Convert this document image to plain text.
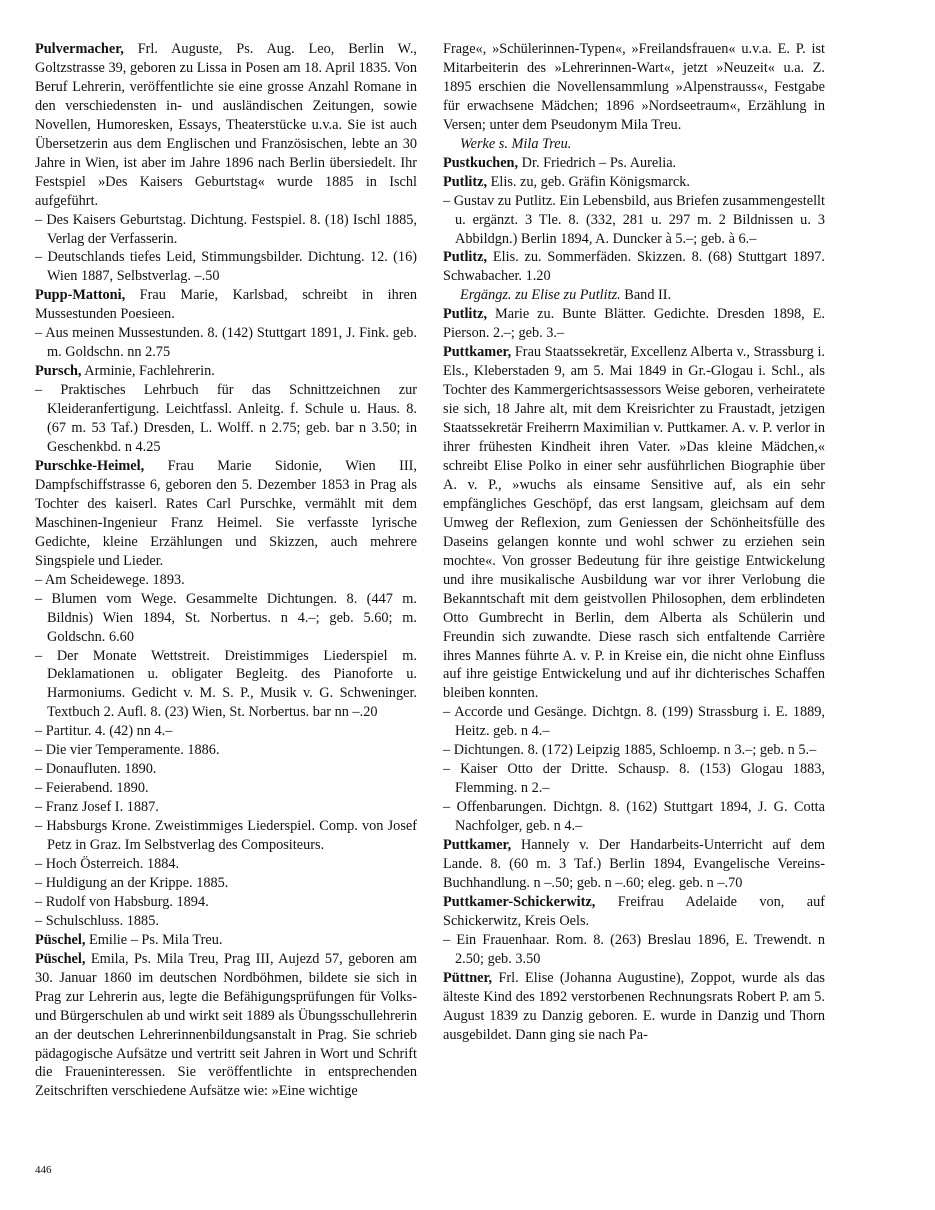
Pulvermacher, Frl. Auguste, Ps. Aug. Leo, Berlin W., Goltzstrasse 39, geboren zu Lissa in Posen am 18. April 1835. Von Beruf Lehrerin, veröffentlichte sie eine grosse Anzahl Romane in den verschiedensten in- und ausländischen Zeitungen, sowie Novellen, Humoresken, Essays, Theaterstücke u.v.a. Sie ist auch Übersetzerin aus dem Englischen und Französischen, lebte an 30 Jahre in Wien, ist aber im Jahre 1896 nach Berlin übersiedelt. Ihr Festspiel »Des Kaisers Geburtstag« wurde 1885 in Ischl aufgeführt.

– Des Kaisers Geburtstag. Dichtung. Festspiel. 8. (18) Ischl 1885, Verlag der Verfasserin.

– Deutschlands tiefes Leid, Stimmungsbilder. Dichtung. 12. (16) Wien 1887, Selbstverlag. –.50

Pupp-Mattoni, Frau Marie, Karlsbad, schreibt in ihren Mussestunden Poesieen.

– Aus meinen Mussestunden. 8. (142) Stuttgart 1891, J. Fink. geb. m. Goldschn. nn 2.75

Pursch, Arminie, Fachlehrerin.

– Praktisches Lehrbuch für das Schnittzeichnen zur Kleideranfertigung. Leichtfassl. Anleitg. f. Schule u. Haus. 8. (67 m. 53 Taf.) Dresden, L. Wolff. n 2.75; geb. bar n 3.50; in Geschenkbd. n 4.25

Purschke-Heimel, Frau Marie Sidonie, Wien III, Dampfschiffstrasse 6, geboren den 5. Dezember 1853 in Prag als Tochter des kaiserl. Rates Carl Purschke, vermählt mit dem Maschinen-Ingenieur Franz Heimel. Sie verfasste lyrische Gedichte, kleine Erzählungen und Skizzen, auch mehrere Singspiele und Lieder.

– Am Scheidewege. 1893.

– Blumen vom Wege. Gesammelte Dichtungen. 8. (447 m. Bildnis) Wien 1894, St. Norbertus. n 4.–; geb. 5.60; m. Goldschn. 6.60

– Der Monate Wettstreit. Dreistimmiges Liederspiel m. Deklamationen u. obligater Begleitg. des Pianoforte u. Harmoniums. Gedicht v. M. S. P., Musik v. G. Schweninger. Textbuch 2. Aufl. 8. (23) Wien, St. Norbertus. bar nn –.20

– Partitur. 4. (42) nn 4.–

– Die vier Temperamente. 1886.

– Donaufluten. 1890.

– Feierabend. 1890.

– Franz Josef I. 1887.

– Habsburgs Krone. Zweistimmiges Liederspiel. Comp. von Josef Petz in Graz. Im Selbstverlag des Compositeurs.

– Hoch Österreich. 1884.

– Huldigung an der Krippe. 1885.

– Rudolf von Habsburg. 1894.

– Schulschluss. 1885.

Püschel, Emilie – Ps. Mila Treu.

Püschel, Emila, Ps. Mila Treu, Prag III, Aujezd 57, geboren am 30. Januar 1860 im deutschen Nordböhmen, bildete sie sich in Prag zur Lehrerin aus, legte die Befähigungsprüfungen für Volks- und Bürgerschulen ab und wirkt seit 1889 als Übungsschullehrerin an der deutschen Lehrerinnenbildungsanstalt in Prag. Sie schrieb pädagogische Aufsätze und vertritt seit Jahren in Wort und Schrift die Fraueninteressen. Sie veröffentlichte in entsprechenden Zeitschriften verschiedene Aufsätze wie: »Eine wichtige

Frage«, »Schülerinnen-Typen«, »Freilandsfrauen« u.v.a. E. P. ist Mitarbeiterin des »Lehrerinnen-Wart«, jetzt »Neuzeit« u.a. Z. 1895 erschien die Novellensammlung »Alpenstrauss«, Festgabe für erwachsene Mädchen; 1896 »Nordseetraum«, Erzählung in Versen; unter dem Pseudonym Mila Treu.

Werke s. Mila Treu.

Pustkuchen, Dr. Friedrich – Ps. Aurelia.

Putlitz, Elis. zu, geb. Gräfin Königsmarck.

– Gustav zu Putlitz. Ein Lebensbild, aus Briefen zusammengestellt u. ergänzt. 3 Tle. 8. (332, 281 u. 297 m. 2 Bildnissen u. 3 Abbildgn.) Berlin 1894, A. Duncker à 5.–; geb. à 6.–

Putlitz, Elis. zu. Sommerfäden. Skizzen. 8. (68) Stuttgart 1897. Schwabacher. 1.20

Ergängz. zu Elise zu Putlitz. Band II.

Putlitz, Marie zu. Bunte Blätter. Gedichte. Dresden 1898, E. Pierson. 2.–; geb. 3.–

Puttkamer, Frau Staatssekretär, Excellenz Alberta v., Strassburg i. Els., Kleberstaden 9, am 5. Mai 1849 in Gr.-Glogau i. Schl., als Tochter des Kammergerichtsassessors Weise geboren, verheiratete sie sich, 18 Jahre alt, mit dem Kreisrichter zu Fraustadt, jetzigen Staatssekretär Freiherrn Maximilian v. Puttkamer. A. v. P. verlor in ihrer frühesten Kindheit ihren Vater. »Das kleine Mädchen,« schreibt Elise Polko in einer sehr ausführlichen Biographie über A. v. P., »wuchs als einsame Sensitive auf, als ein sehr empfängliches Geschöpf, das erst langsam, gleichsam auf dem Umweg der Reflexion, zum Geniessen der Schönheitsfülle des Daseins gelangen konnte und wohl schwer zu erziehen sein mochte«. Von grosser Bedeutung für ihre geistige Entwickelung und ihre musikalische Ausbildung war vor ihrer Verlobung die Bekanntschaft mit dem geistvollen Philosophen, dem erblindeten Otto Gumbrecht in Berlin, dem Alberta als Schülerin und Freundin sich zuwandte. Diese rasch sich entfaltende Carrière ihres Mannes führte A. v. P. in Kreise ein, die nicht ohne Einfluss auf ihre geistige Entwickelung und auf ihr dichterisches Schaffen bleiben konnten.

– Accorde und Gesänge. Dichtgn. 8. (199) Strassburg i. E. 1889, Heitz. geb. n 4.–

– Dichtungen. 8. (172) Leipzig 1885, Schloemp. n 3.–; geb. n 5.–

– Kaiser Otto der Dritte. Schausp. 8. (153) Glogau 1883, Flemming. n 2.–

– Offenbarungen. Dichtgn. 8. (162) Stuttgart 1894, J. G. Cotta Nachfolger, geb. n 4.–

Puttkamer, Hannely v. Der Handarbeits-Unterricht auf dem Lande. 8. (60 m. 3 Taf.) Berlin 1894, Evangelische Vereins-Buchhandlung. n –.50; geb. n –.60; eleg. geb. n –.70

Puttkamer-Schickerwitz, Freifrau Adelaide von, auf Schickerwitz, Kreis Oels.

– Ein Frauenhaar. Rom. 8. (263) Breslau 1896, E. Trewendt. n 2.50; geb. 3.50

Püttner, Frl. Elise (Johanna Augustine), Zoppot, wurde als das älteste Kind des 1892 verstorbenen Rechnungsrats Robert P. am 5. August 1839 zu Danzig geboren. E. wurde in Danzig und Thorn ausgebildet. Dann ging sie nach Pa-

446
